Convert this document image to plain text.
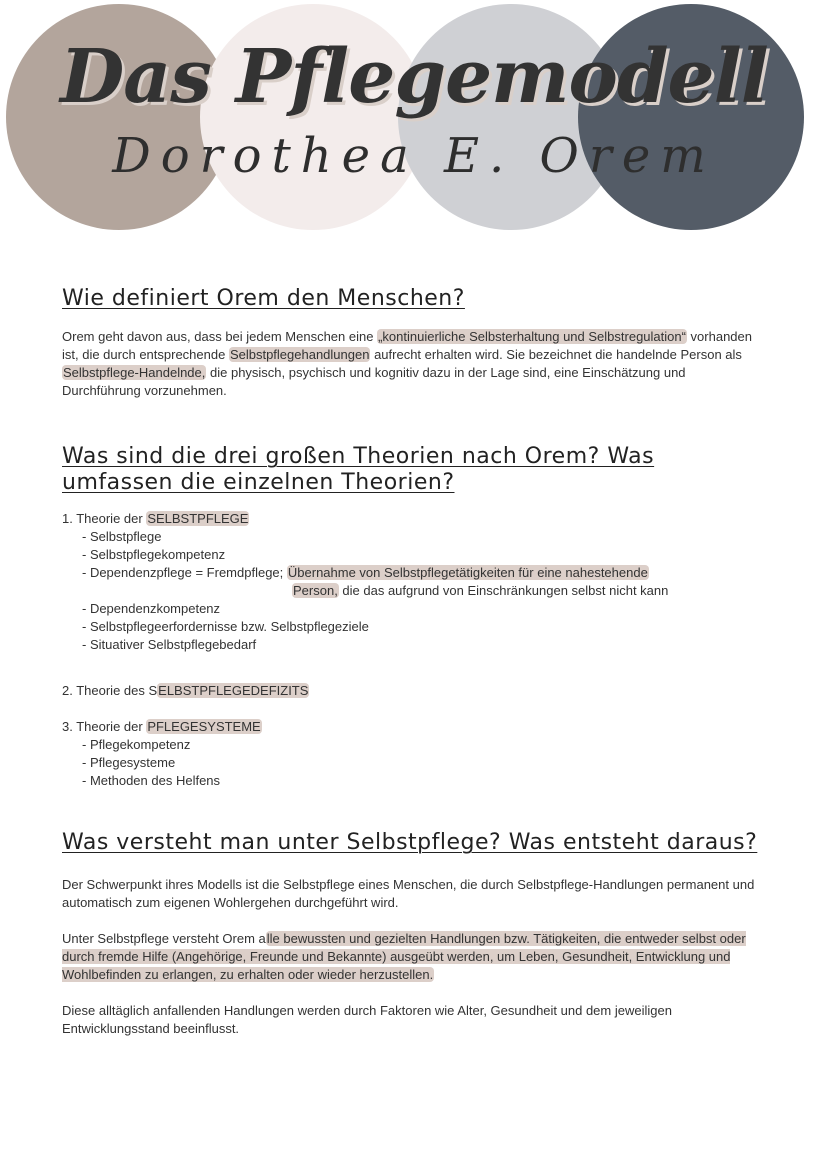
Das Pflegemodell
Dorothea E. Orem
Wie definiert Orem den Menschen?

Orem geht davon aus, dass bei jedem Menschen eine „kontinuierliche Selbsterhaltung und Selbstregulation“ vorhanden ist, die durch entsprechende Selbstpflegehandlungen aufrecht erhalten wird. Sie bezeichnet die handelnde Person als Selbstpflege-Handelnde, die physisch, psychisch und kognitiv dazu in der Lage sind, eine Einschätzung und Durchführung vorzunehmen.

Was sind die drei großen Theorien nach Orem? Was umfassen die einzelnen Theorien?
1. Theorie der SELBSTPFLEGE
- Selbstpflege
- Selbstpflegekompetenz
- Dependenzpflege = Fremdpflege; Übernahme von Selbstpflegetätigkeiten für eine nahestehende
Person, die das aufgrund von Einschränkungen selbst nicht kann
- Dependenzkompetenz
- Selbstpflegeerfordernisse bzw. Selbstpflegeziele
- Situativer Selbstpflegebedarf
2. Theorie des SELBSTPFLEGEDEFIZITS
3. Theorie der PFLEGESYSTEME
- Pflegekompetenz
- Pflegesysteme
- Methoden des Helfens
Was versteht man unter Selbstpflege? Was entsteht daraus?

Der Schwerpunkt ihres Modells ist die Selbstpflege eines Menschen, die durch Selbstpflege-Handlungen permanent und automatisch zum eigenen Wohlergehen durchgeführt wird.

Unter Selbstpflege versteht Orem alle bewussten und gezielten Handlungen bzw. Tätigkeiten, die entweder selbst oder durch fremde Hilfe (Angehörige, Freunde und Bekannte) ausgeübt werden, um Leben, Gesundheit, Entwicklung und Wohlbefinden zu erlangen, zu erhalten oder wieder herzustellen.

Diese alltäglich anfallenden Handlungen werden durch Faktoren wie Alter, Gesundheit und dem jeweiligen Entwicklungsstand beeinflusst.
